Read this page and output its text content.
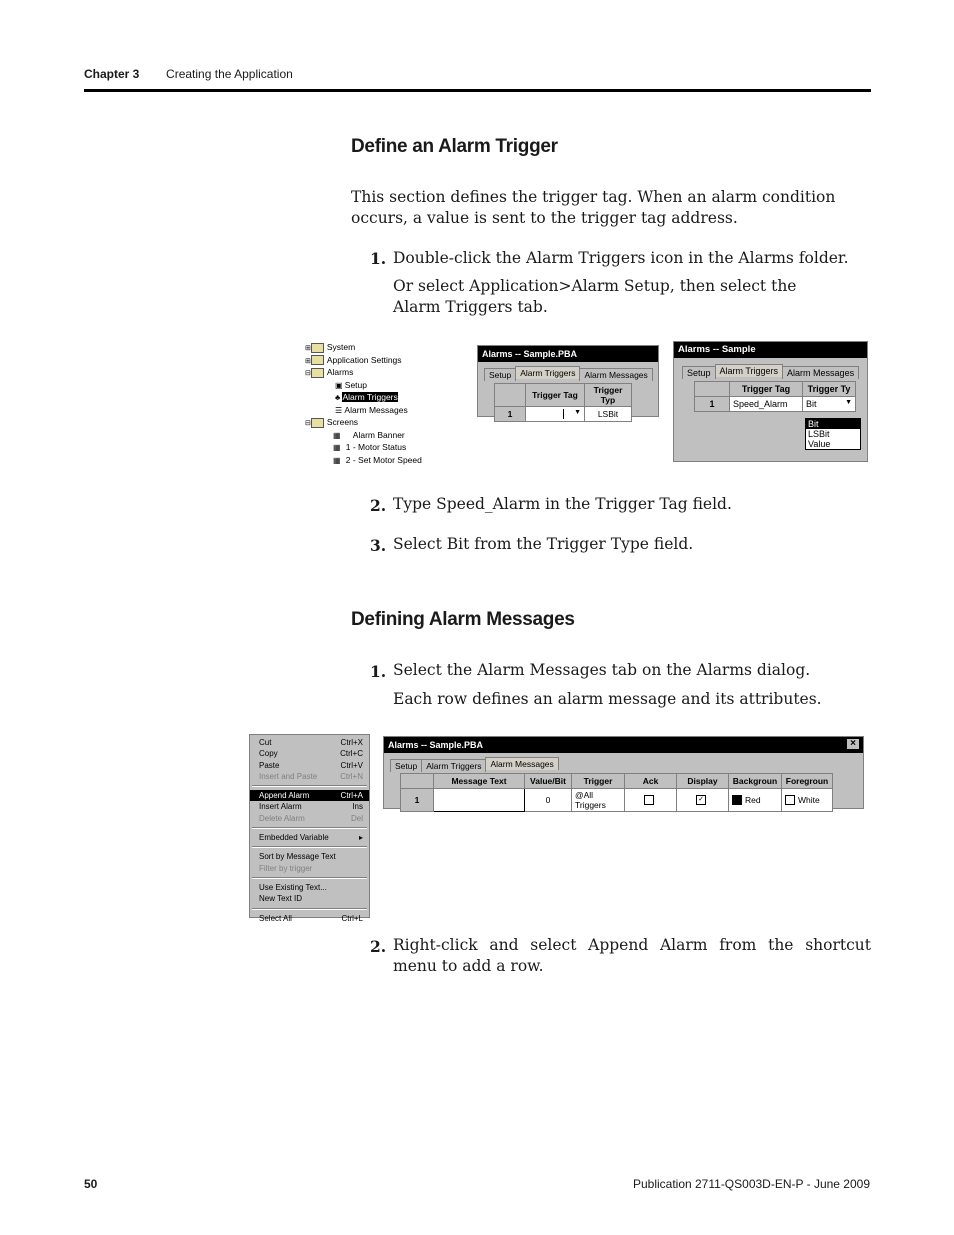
Chapter 3 Creating the Application
Define an Alarm Trigger

This section defines the trigger tag. When an alarm condition occurs, a value is sent to the trigger tag address.

1. Double-click the Alarm Triggers icon in the Alarms folder.

Or select Application>Alarm Setup, then select the Alarm Triggers tab.

⊞ System
⊞ Application Settings
⊟ Alarms
▣ Setup
♣ Alarm Triggers
☰ Alarm Messages
⊟ Screens
▦ Alarm Banner
▦ 1 - Motor Status
▦ 2 - Set Motor Speed
Alarms -- Sample.PBA
Setup Alarm Triggers Alarm Messages
	Trigger Tag	Trigger Typ
1	▼	LSBit
Alarms -- Sample
Setup Alarm Triggers Alarm Messages
	Trigger Tag	Trigger Ty
1	Speed_Alarm	Bit ▼
Bit
LSBit
Value
2. Type Speed_Alarm in the Trigger Tag field.

3. Select Bit from the Trigger Type field.

Defining Alarm Messages
1. Select the Alarm Messages tab on the Alarms dialog.

Each row defines an alarm message and its attributes.

Cut	Ctrl+X
Copy	Ctrl+C
Paste	Ctrl+V
Insert and Paste	Ctrl+N
Append Alarm	Ctrl+A
Insert Alarm	Ins
Delete Alarm	Del
Embedded Variable	▸
Sort by Message Text
Filter by trigger
Use Existing Text...
New Text ID
Select All	Ctrl+L
Alarms -- Sample.PBA	×
Setup Alarm Triggers Alarm Messages
	Message Text	Value/Bit	Trigger	Ack	Display	Backgroun	Foregroun
1		0	@All Triggers		✓	Red	White
2. Right-click and select Append Alarm from the shortcut menu to add a row.

50	Publication 2711-QS003D-EN-P - June 2009
